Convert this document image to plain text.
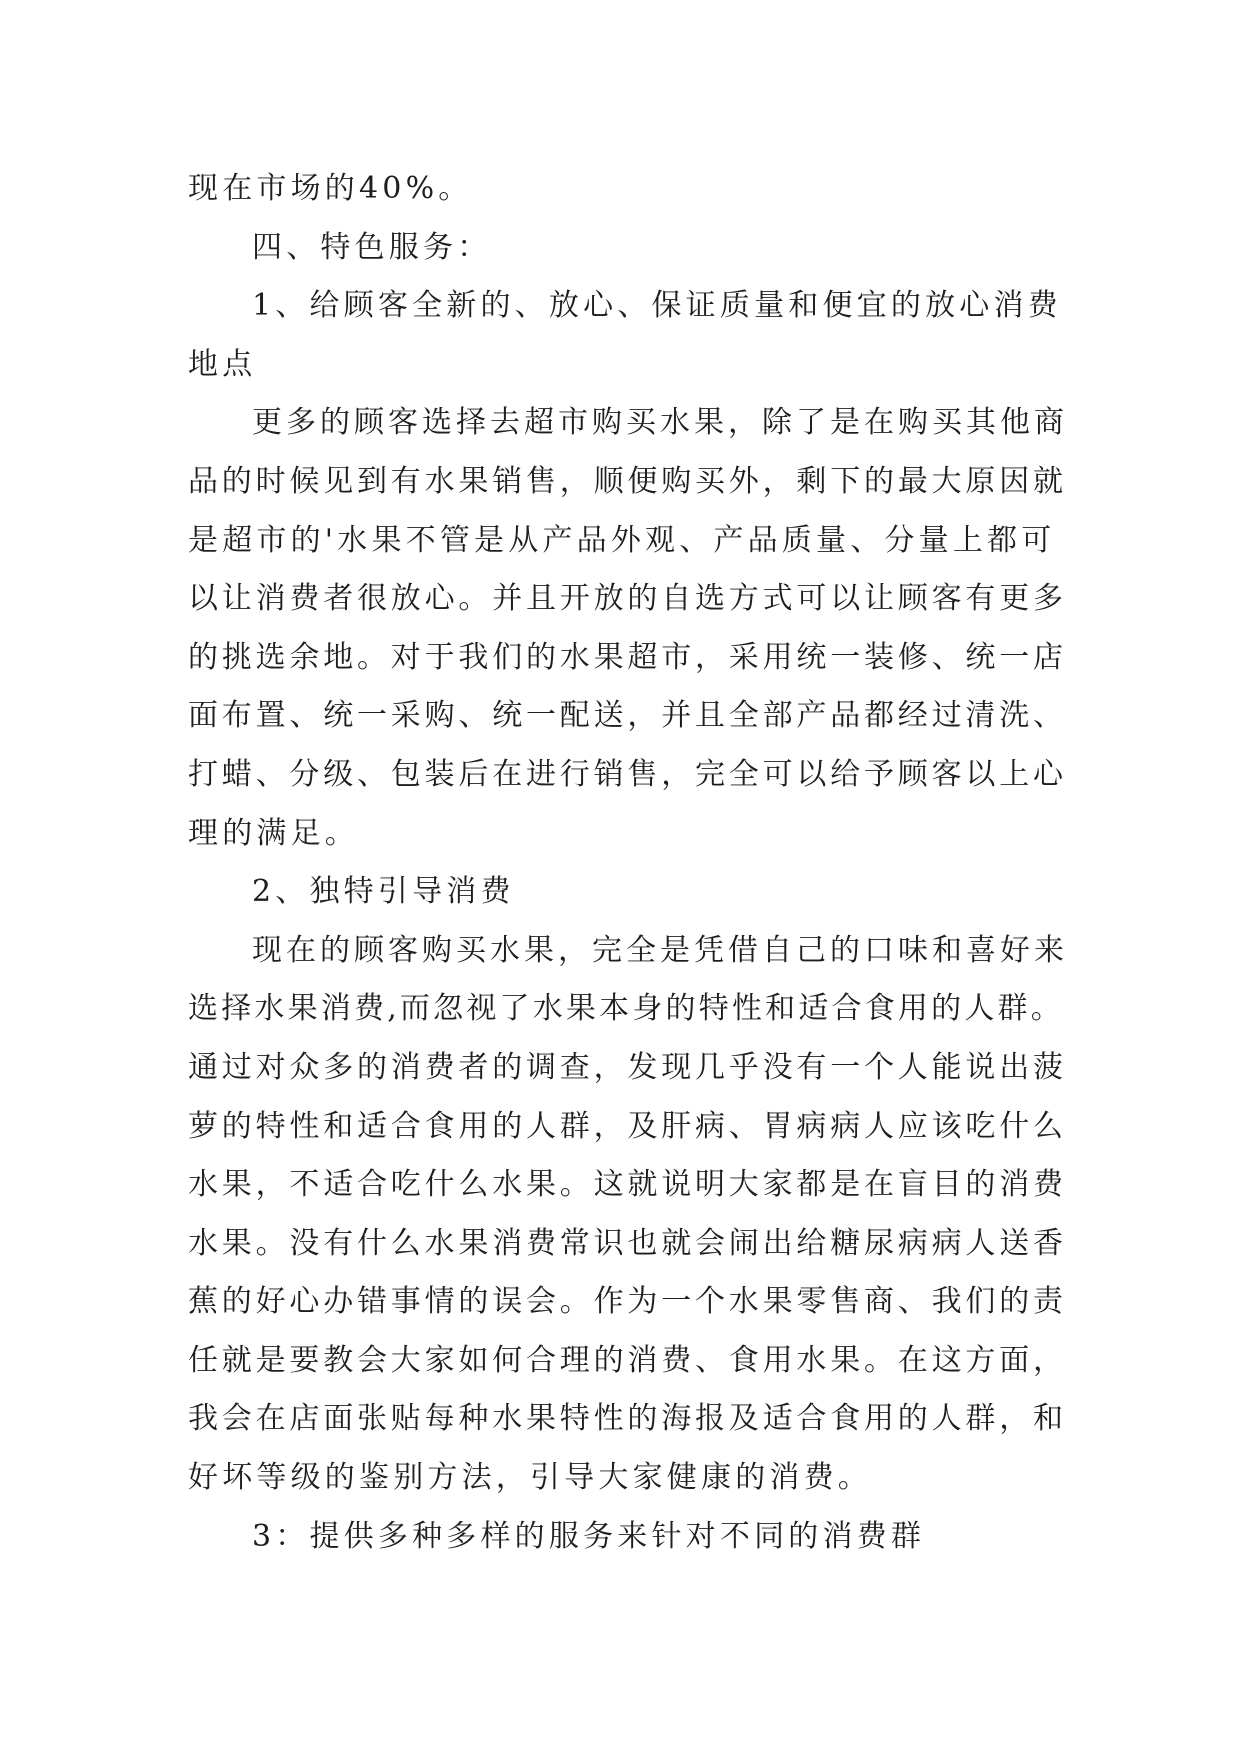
现在市场的40%。
四、特色服务：
1、给顾客全新的、放心、保证质量和便宜的放心消费
地点
更多的顾客选择去超市购买水果，除了是在购买其他商
品的时候见到有水果销售，顺便购买外，剩下的最大原因就
是超市的'水果不管是从产品外观、产品质量、分量上都可
以让消费者很放心。并且开放的自选方式可以让顾客有更多
的挑选余地。对于我们的水果超市，采用统一装修、统一店
面布置、统一采购、统一配送，并且全部产品都经过清洗、
打蜡、分级、包装后在进行销售，完全可以给予顾客以上心
理的满足。
2、独特引导消费
现在的顾客购买水果，完全是凭借自己的口味和喜好来
选择水果消费,而忽视了水果本身的特性和适合食用的人群。
通过对众多的消费者的调查，发现几乎没有一个人能说出菠
萝的特性和适合食用的人群，及肝病、胃病病人应该吃什么
水果，不适合吃什么水果。这就说明大家都是在盲目的消费
水果。没有什么水果消费常识也就会闹出给糖尿病病人送香
蕉的好心办错事情的误会。作为一个水果零售商、我们的责
任就是要教会大家如何合理的消费、食用水果。在这方面，
我会在店面张贴每种水果特性的海报及适合食用的人群，和
好坏等级的鉴别方法，引导大家健康的消费。
3：提供多种多样的服务来针对不同的消费群
